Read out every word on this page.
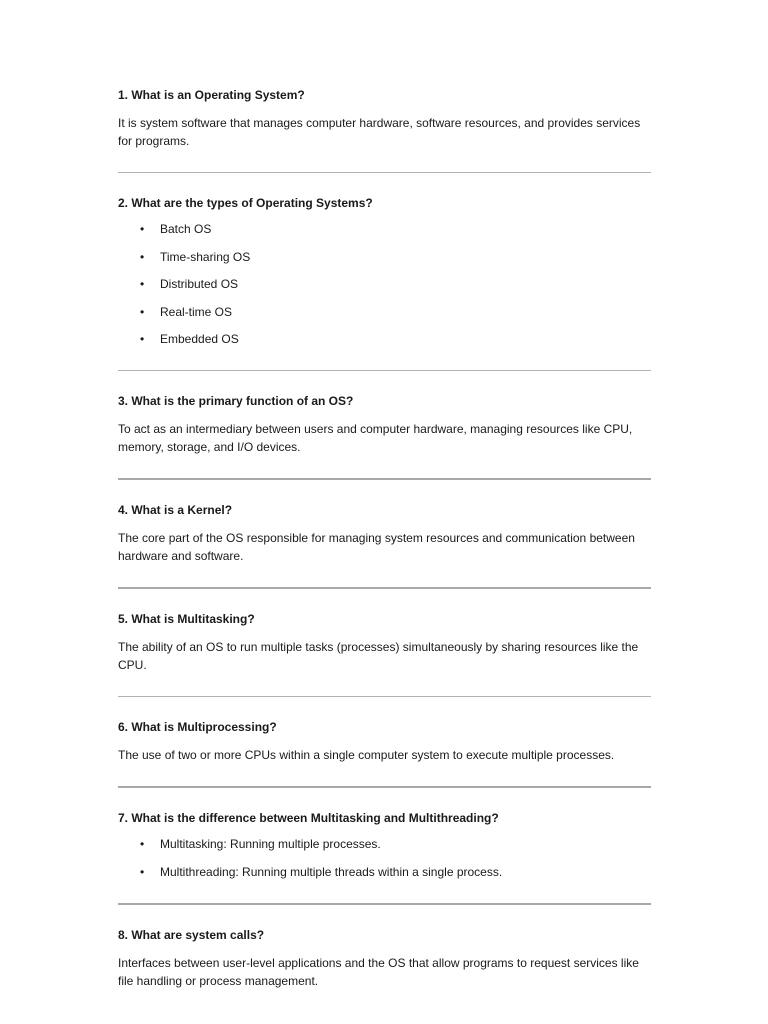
1. What is an Operating System?

It is system software that manages computer hardware, software resources, and provides services for programs.

2. What are the types of Operating Systems?

• Batch OS
• Time-sharing OS
• Distributed OS
• Real-time OS
• Embedded OS

3. What is the primary function of an OS?

To act as an intermediary between users and computer hardware, managing resources like CPU, memory, storage, and I/O devices.

4. What is a Kernel?

The core part of the OS responsible for managing system resources and communication between hardware and software.

5. What is Multitasking?

The ability of an OS to run multiple tasks (processes) simultaneously by sharing resources like the CPU.

6. What is Multiprocessing?

The use of two or more CPUs within a single computer system to execute multiple processes.

7. What is the difference between Multitasking and Multithreading?

• Multitasking: Running multiple processes.
• Multithreading: Running multiple threads within a single process.

8. What are system calls?

Interfaces between user-level applications and the OS that allow programs to request services like file handling or process management.
